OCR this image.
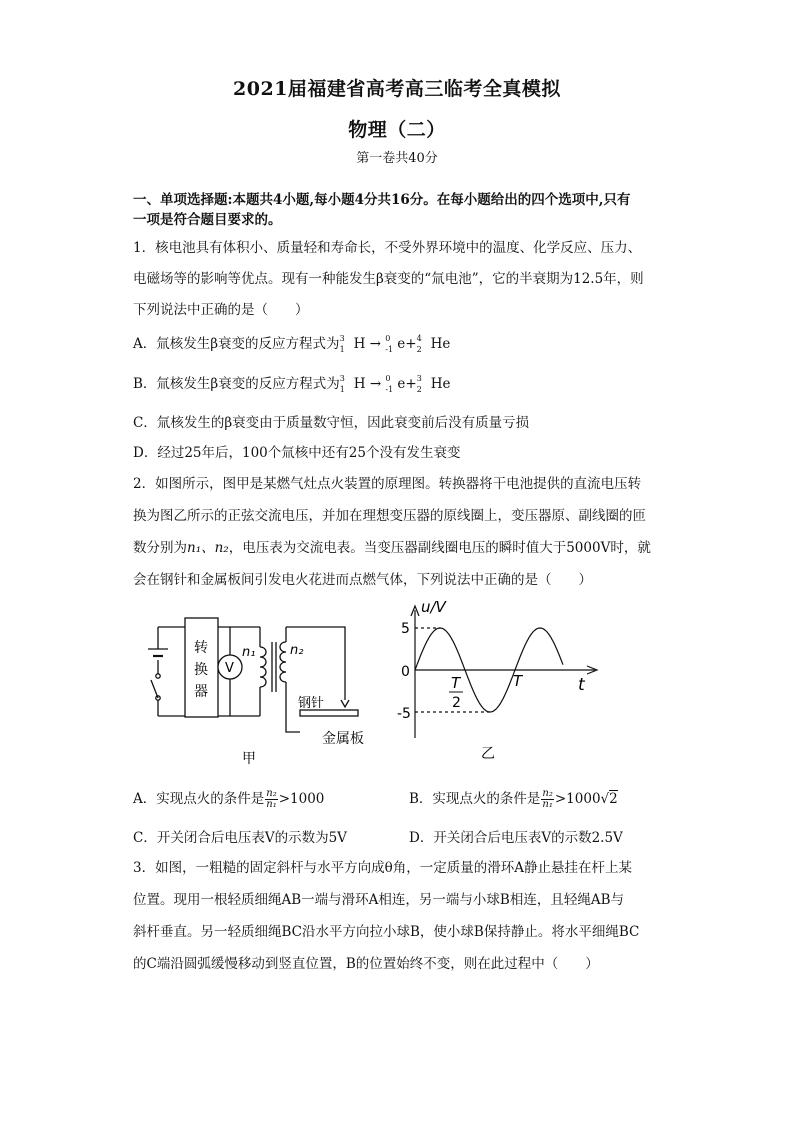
2021届福建省高考高三临考全真模拟
物理（二）
第一卷共40分
一、单项选择题:本题共4小题,每小题4分共16分。在每小题给出的四个选项中,只有
一项是符合题目要求的。
1．核电池具有体积小、质量轻和寿命长，不受外界环境中的温度、化学反应、压力、
电磁场等的影响等优点。现有一种能发生β衰变的“氚电池”，它的半衰期为12.5年，则
下列说法中正确的是（　　）
A．氚核发生β衰变的反应方程式为 3
1 H → 0
-1 e+ 4
2 He
B．氚核发生β衰变的反应方程式为 3
1 H → 0
-1 e+ 3
2 He
C．氚核发生的β衰变由于质量数守恒，因此衰变前后没有质量亏损
D．经过25年后，100个氚核中还有25个没有发生衰变
2．如图所示，图甲是某燃气灶点火装置的原理图。转换器将干电池提供的直流电压转
换为图乙所示的正弦交流电压，并加在理想变压器的原线圈上，变压器原、副线圈的匝
数分别为n₁、n₂，电压表为交流电表。当变压器副线圈电压的瞬时值大于5000V时，就
会在钢针和金属板间引发电火花进而点燃气体，下列说法中正确的是（　　）
转
换
器
V
n₁	n₂
钢针
金属板
甲
u/V
5
0
-5
T
2
T	t
乙
A．实现点火的条件是 $\frac{\text{n₂}}{\text{n₁}} >1000$	B．实现点火的条件是 $\frac{\text{n₂}}{\text{n₁}} >1000√2$
C．开关闭合后电压表V的示数为5V	D．开关闭合后电压表V的示数2.5V
3．如图，一粗糙的固定斜杆与水平方向成θ角，一定质量的滑环A静止悬挂在杆上某
位置。现用一根轻质细绳AB一端与滑环A相连，另一端与小球B相连，且轻绳AB与
斜杆垂直。另一轻质细绳BC沿水平方向拉小球B，使小球B保持静止。将水平细绳BC
的C端沿圆弧缓慢移动到竖直位置，B的位置始终不变，则在此过程中（　　）
